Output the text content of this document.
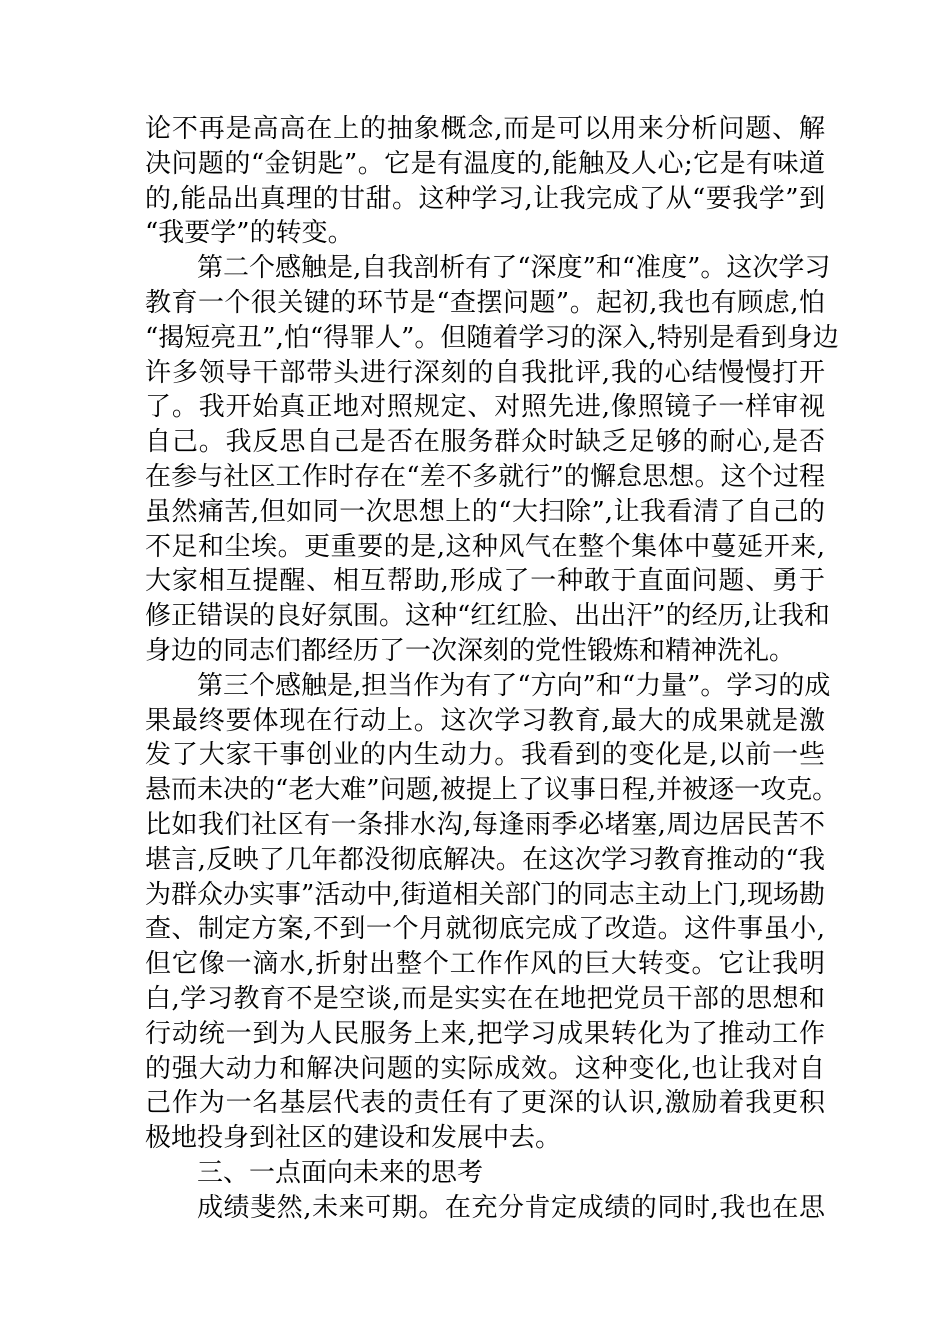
论不再是高高在上的抽象概念,而是可以用来分析问题、解
决问题的“金钥匙”。它是有温度的,能触及人心;它是有味道
的,能品出真理的甘甜。这种学习,让我完成了从“要我学”到
“我要学”的转变。
第二个感触是,自我剖析有了“深度”和“准度”。这次学习
教育一个很关键的环节是“查摆问题”。起初,我也有顾虑,怕
“揭短亮丑”,怕“得罪人”。但随着学习的深入,特别是看到身边
许多领导干部带头进行深刻的自我批评,我的心结慢慢打开
了。我开始真正地对照规定、对照先进,像照镜子一样审视
自己。我反思自己是否在服务群众时缺乏足够的耐心,是否
在参与社区工作时存在“差不多就行”的懈怠思想。这个过程
虽然痛苦,但如同一次思想上的“大扫除”,让我看清了自己的
不足和尘埃。更重要的是,这种风气在整个集体中蔓延开来,
大家相互提醒、相互帮助,形成了一种敢于直面问题、勇于
修正错误的良好氛围。这种“红红脸、出出汗”的经历,让我和
身边的同志们都经历了一次深刻的党性锻炼和精神洗礼。
第三个感触是,担当作为有了“方向”和“力量”。学习的成
果最终要体现在行动上。这次学习教育,最大的成果就是激
发了大家干事创业的内生动力。我看到的变化是,以前一些
悬而未决的“老大难”问题,被提上了议事日程,并被逐一攻克。
比如我们社区有一条排水沟,每逢雨季必堵塞,周边居民苦不
堪言,反映了几年都没彻底解决。在这次学习教育推动的“我
为群众办实事”活动中,街道相关部门的同志主动上门,现场勘
查、制定方案,不到一个月就彻底完成了改造。这件事虽小,
但它像一滴水,折射出整个工作作风的巨大转变。它让我明
白,学习教育不是空谈,而是实实在在地把党员干部的思想和
行动统一到为人民服务上来,把学习成果转化为了推动工作
的强大动力和解决问题的实际成效。这种变化,也让我对自
己作为一名基层代表的责任有了更深的认识,激励着我更积
极地投身到社区的建设和发展中去。
三、一点面向未来的思考
成绩斐然,未来可期。在充分肯定成绩的同时,我也在思
